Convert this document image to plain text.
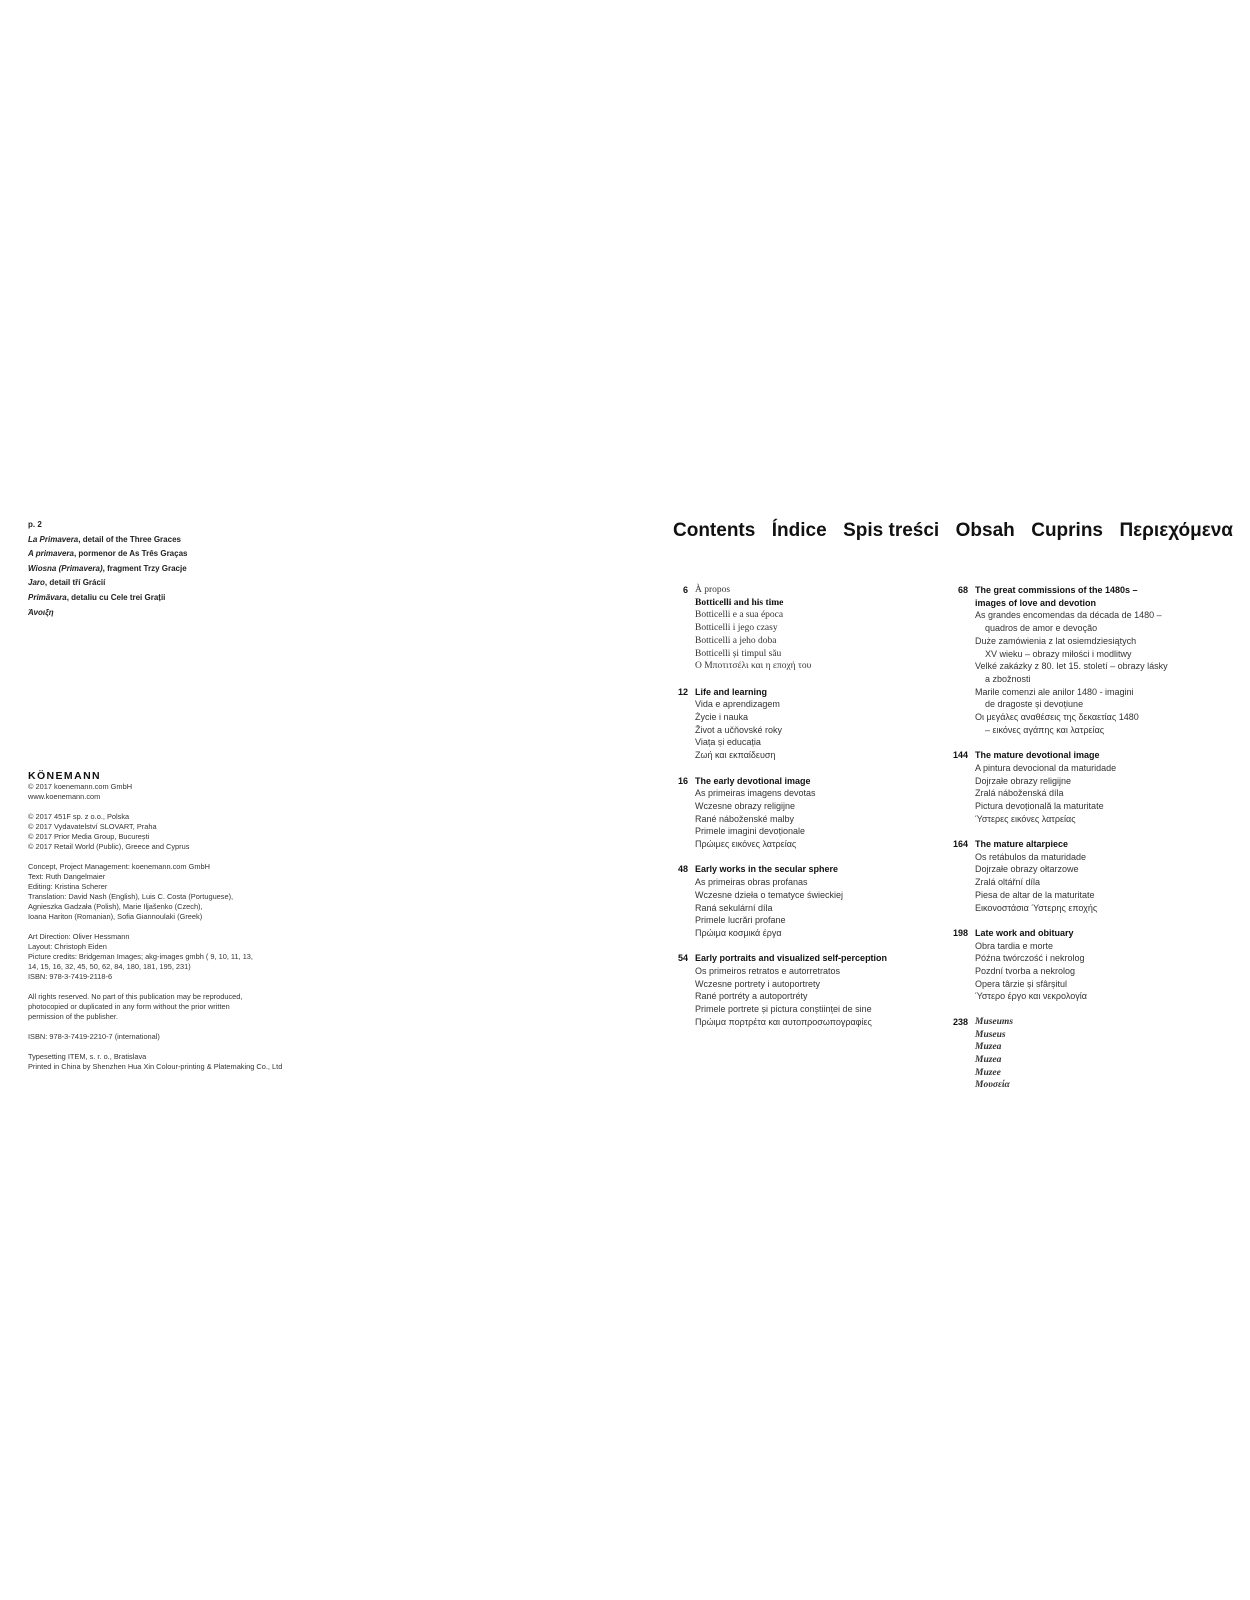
p. 2
La Primavera, detail of the Three Graces
A primavera, pormenor de As Três Graças
Wiosna (Primavera), fragment Trzy Gracje
Jaro, detail tří Grácií
Primăvara, detaliu cu Cele trei Grații
Άνοιξη
KÖNEMANN
© 2017 koenemann.com GmbH
www.koenemann.com
© 2017 451F sp. z o.o., Polska
© 2017 Vydavatelství SLOVART, Praha
© 2017 Prior Media Group, București
© 2017 Retail World (Public), Greece and Cyprus
Concept, Project Management: koenemann.com GmbH
Text: Ruth Dangelmaier
Editing: Kristina Scherer
Translation: David Nash (English), Luis C. Costa (Portuguese),
Agnieszka Gadzała (Polish), Marie Iljašenko (Czech),
Ioana Hariton (Romanian), Sofia Giannoulaki (Greek)
Art Direction: Oliver Hessmann
Layout: Christoph Eiden
Picture credits: Bridgeman Images; akg-images gmbh ( 9, 10, 11, 13,
14, 15, 16, 32, 45, 50, 62, 84, 180, 181, 195, 231)
ISBN: 978-3-7419-2118-6
All rights reserved. No part of this publication may be reproduced,
photocopied or duplicated in any form without the prior written
permission of the publisher.
ISBN: 978-3-7419-2210-7 (international)
Typesetting ITEM, s. r. o., Bratislava
Printed in China by Shenzhen Hua Xin Colour-printing & Platemaking Co., Ltd
Contents Índice Spis treści Obsah Cuprins Περιεχόμενα
6 À propos
Botticelli and his time
Botticelli e a sua época
Botticelli i jego czasy
Botticelli a jeho doba
Botticelli și timpul său
Ο Μποτιτσέλι και η εποχή του
12 Life and learning
Vida e aprendizagem
Życie i nauka
Život a učňovské roky
Viața și educația
Ζωή και εκπαίδευση
16 The early devotional image
As primeiras imagens devotas
Wczesne obrazy religijne
Rané náboženské malby
Primele imagini devoționale
Πρώιμες εικόνες λατρείας
48 Early works in the secular sphere
As primeiras obras profanas
Wczesne dzieła o tematyce świeckiej
Raná sekulární díla
Primele lucrări profane
Πρώιμα κοσμικά έργα
54 Early portraits and visualized self-perception
Os primeiros retratos e autorretratos
Wczesne portrety i autoportrety
Rané portréty a autoportréty
Primele portrete și pictura conștiinței de sine
Πρώιμα πορτρέτα και αυτοπροσωπογραφίες
68 The great commissions of the 1480s –
images of love and devotion
As grandes encomendas da década de 1480 –
quadros de amor e devoção
Duże zamówienia z lat osiemdziesiątych
XV wieku – obrazy miłości i modlitwy
Velké zakázky z 80. let 15. století – obrazy lásky
a zbožnosti
Marile comenzi ale anilor 1480 - imagini
de dragoste și devoțiune
Οι μεγάλες αναθέσεις της δεκαετίας 1480
– εικόνες αγάπης και λατρείας
144 The mature devotional image
A pintura devocional da maturidade
Dojrzałe obrazy religijne
Zralá náboženská díla
Pictura devoțională la maturitate
Ύστερες εικόνες λατρείας
164 The mature altarpiece
Os retábulos da maturidade
Dojrzałe obrazy ołtarzowe
Zralá oltářní díla
Piesa de altar de la maturitate
Εικονοστάσια Ύστερης εποχής
198 Late work and obituary
Obra tardia e morte
Późna twórczość i nekrolog
Pozdní tvorba a nekrolog
Opera târzie și sfârșitul
Ύστερο έργο και νεκρολογία
238 Museums
Museus
Muzea
Muzea
Muzee
Μουσεία
